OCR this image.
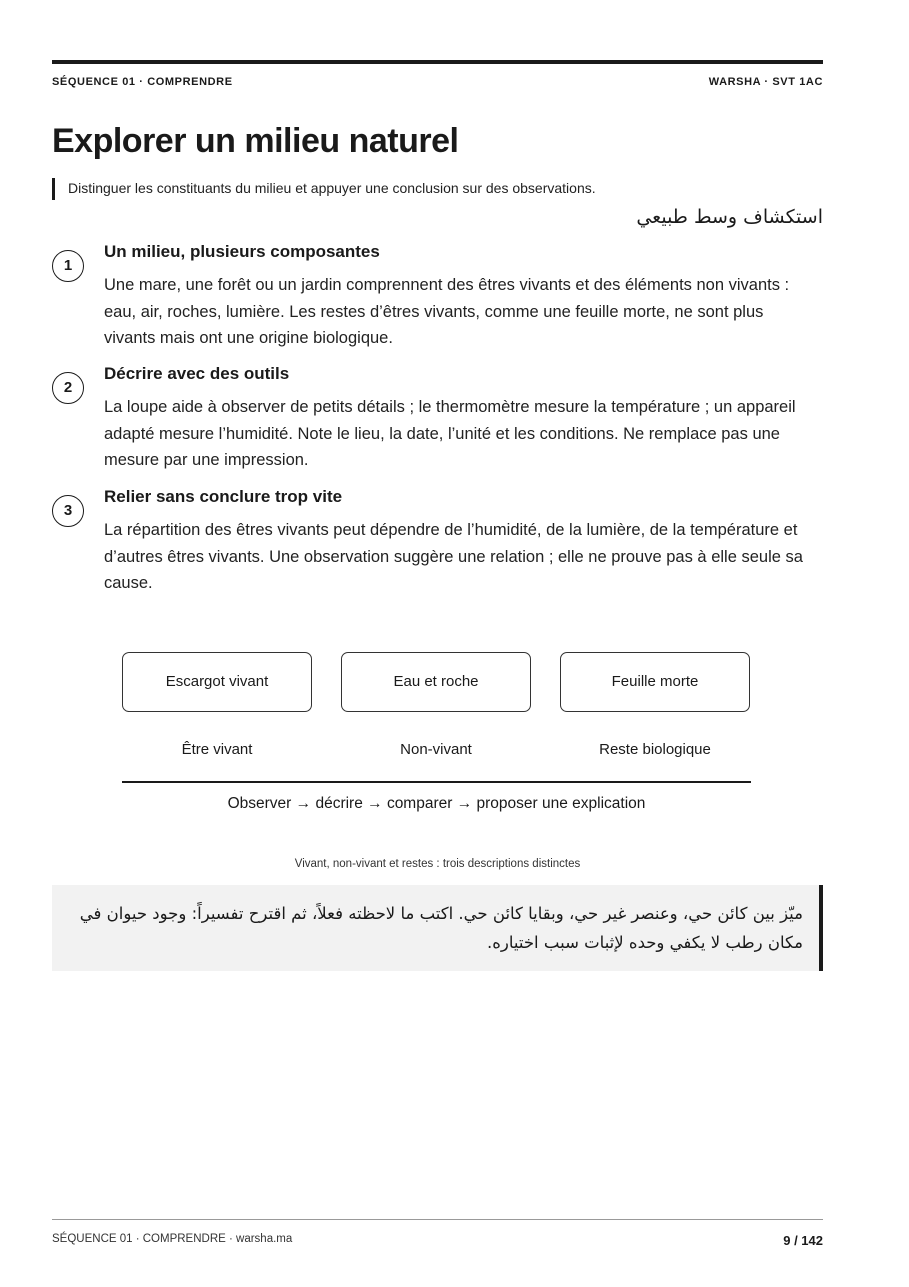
SÉQUENCE 01 · COMPRENDRE	WARSHA · SVT 1AC
Explorer un milieu naturel
Distinguer les constituants du milieu et appuyer une conclusion sur des observations.
استكشاف وسط طبيعي
1
Un milieu, plusieurs composantes
Une mare, une forêt ou un jardin comprennent des êtres vivants et des éléments non vivants : eau, air, roches, lumière. Les restes d’êtres vivants, comme une feuille morte, ne sont plus vivants mais ont une origine biologique.
2
Décrire avec des outils
La loupe aide à observer de petits détails ; le thermomètre mesure la température ; un appareil adapté mesure l’humidité. Note le lieu, la date, l’unité et les conditions. Ne remplace pas une mesure par une impression.
3
Relier sans conclure trop vite
La répartition des êtres vivants peut dépendre de l’humidité, de la lumière, de la température et d’autres êtres vivants. Une observation suggère une relation ; elle ne prouve pas à elle seule sa cause.
Escargot vivant	Eau et roche	Feuille morte
Être vivant	Non-vivant	Reste biologique
Observer → décrire → comparer → proposer une explication
Vivant, non-vivant et restes : trois descriptions distinctes
ميّز بين كائن حي، وعنصر غير حي، وبقايا كائن حي. اكتب ما لاحظته فعلاً، ثم اقترح تفسيراً: وجود حيوان في مكان رطب لا يكفي وحده لإثبات سبب اختياره.
SÉQUENCE 01 · COMPRENDRE · warsha.ma	9 / 142
